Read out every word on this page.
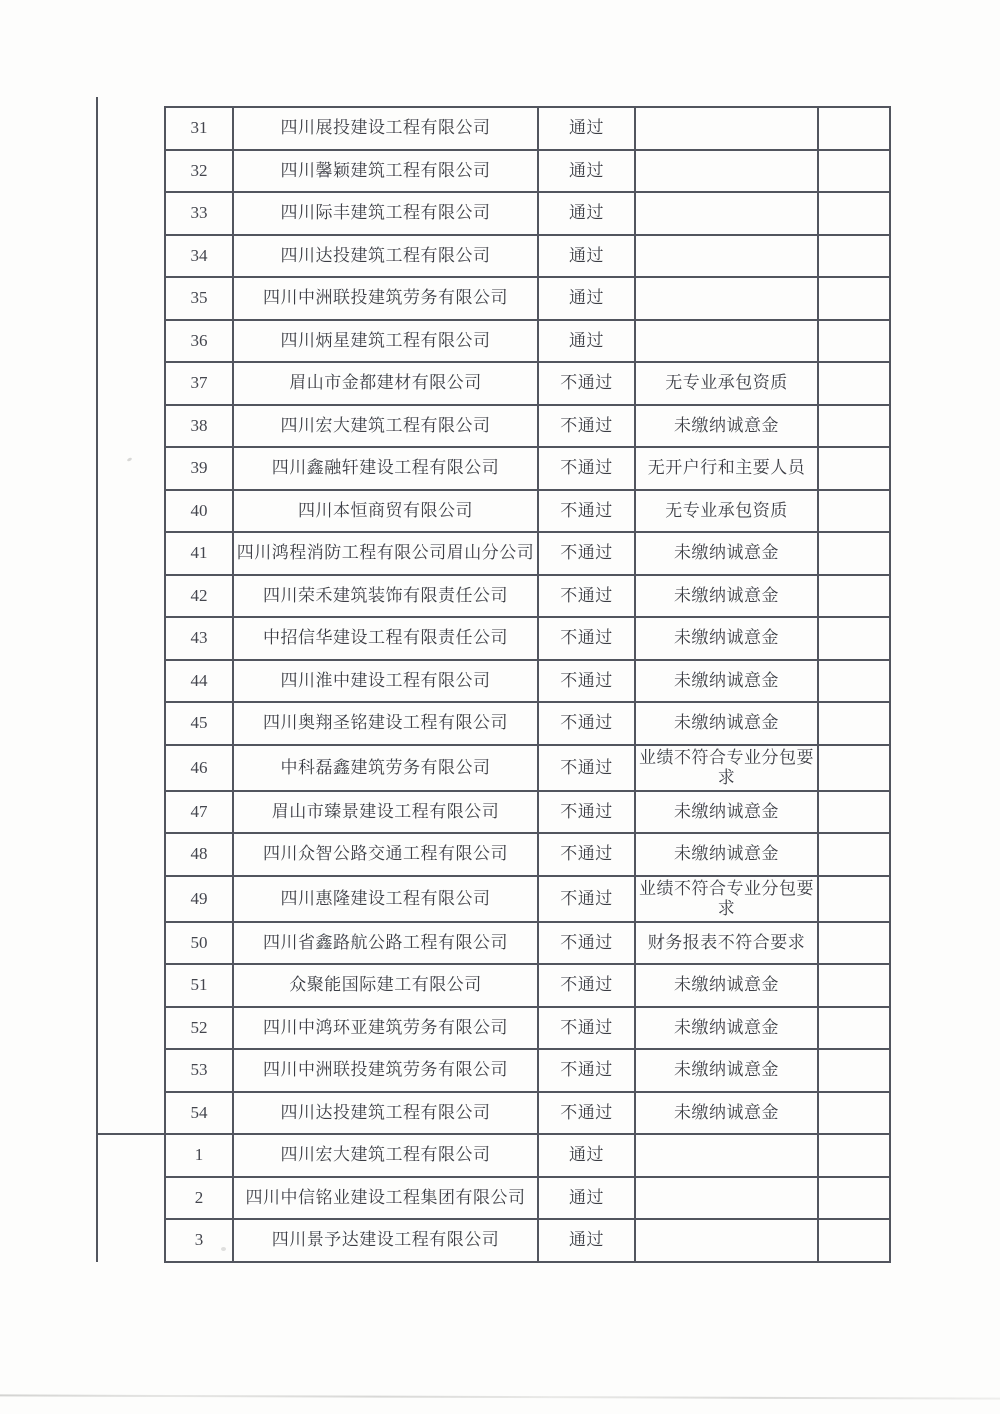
	31	四川展投建设工程有限公司	通过		
	32	四川馨颖建筑工程有限公司	通过		
	33	四川际丰建筑工程有限公司	通过		
	34	四川达投建筑工程有限公司	通过		
	35	四川中洲联投建筑劳务有限公司	通过		
	36	四川炳星建筑工程有限公司	通过		
	37	眉山市金都建材有限公司	不通过	无专业承包资质	
	38	四川宏大建筑工程有限公司	不通过	未缴纳诚意金	
	39	四川鑫融轩建设工程有限公司	不通过	无开户行和主要人员	
	40	四川本恒商贸有限公司	不通过	无专业承包资质	
	41	四川鸿程消防工程有限公司眉山分公司	不通过	未缴纳诚意金	
	42	四川荣禾建筑装饰有限责任公司	不通过	未缴纳诚意金	
	43	中招信华建设工程有限责任公司	不通过	未缴纳诚意金	
	44	四川淮中建设工程有限公司	不通过	未缴纳诚意金	
	45	四川奥翔圣铭建设工程有限公司	不通过	未缴纳诚意金	
	46	中科磊鑫建筑劳务有限公司	不通过	业绩不符合专业分包要求	
	47	眉山市臻景建设工程有限公司	不通过	未缴纳诚意金	
	48	四川众智公路交通工程有限公司	不通过	未缴纳诚意金	
	49	四川惠隆建设工程有限公司	不通过	业绩不符合专业分包要求	
	50	四川省鑫路航公路工程有限公司	不通过	财务报表不符合要求	
	51	众聚能国际建工有限公司	不通过	未缴纳诚意金	
	52	四川中鸿环亚建筑劳务有限公司	不通过	未缴纳诚意金	
	53	四川中洲联投建筑劳务有限公司	不通过	未缴纳诚意金	
	54	四川达投建筑工程有限公司	不通过	未缴纳诚意金	
	1	四川宏大建筑工程有限公司	通过		
	2	四川中信铭业建设工程集团有限公司	通过		
	3	四川景予达建设工程有限公司	通过		
